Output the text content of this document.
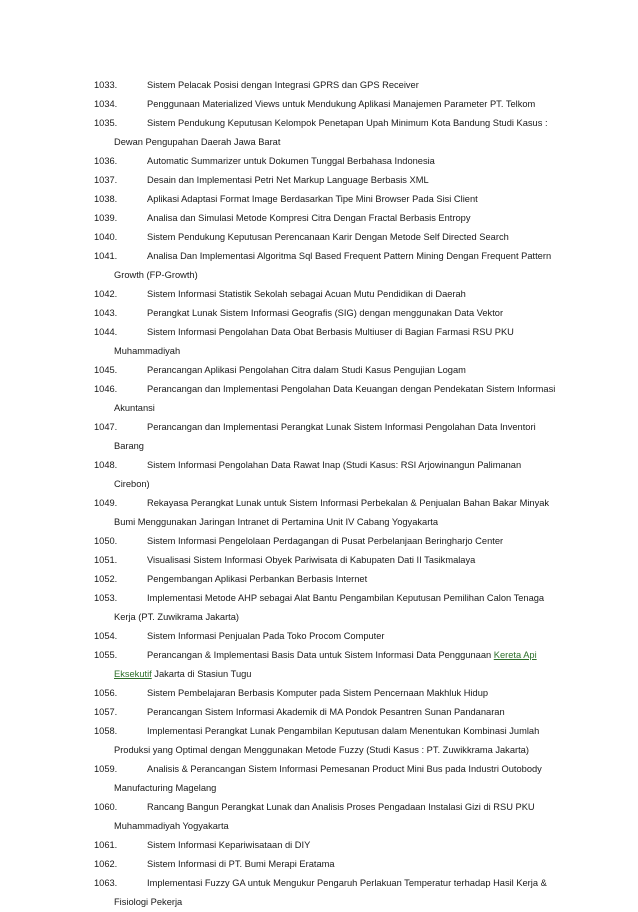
1033.	Sistem Pelacak Posisi dengan Integrasi GPRS dan GPS Receiver
1034.	Penggunaan Materialized Views untuk Mendukung Aplikasi Manajemen Parameter PT. Telkom
1035.	Sistem Pendukung Keputusan Kelompok Penetapan Upah Minimum Kota Bandung Studi Kasus :
Dewan Pengupahan Daerah Jawa Barat
1036.	Automatic Summarizer untuk Dokumen Tunggal Berbahasa Indonesia
1037.	Desain dan Implementasi Petri Net Markup Language Berbasis XML
1038.	Aplikasi Adaptasi Format Image Berdasarkan Tipe Mini Browser Pada Sisi Client
1039.	Analisa dan Simulasi Metode Kompresi Citra Dengan Fractal Berbasis Entropy
1040.	Sistem Pendukung Keputusan Perencanaan Karir Dengan Metode Self Directed Search
1041.	Analisa Dan Implementasi Algoritma Sql Based Frequent Pattern Mining Dengan Frequent Pattern
Growth (FP-Growth)
1042.	Sistem Informasi Statistik Sekolah sebagai Acuan Mutu Pendidikan di Daerah
1043.	Perangkat Lunak Sistem Informasi Geografis (SIG) dengan menggunakan Data Vektor
1044.	Sistem Informasi Pengolahan Data Obat Berbasis Multiuser di Bagian Farmasi RSU PKU
Muhammadiyah
1045.	Perancangan Aplikasi Pengolahan Citra dalam Studi Kasus Pengujian Logam
1046.	Perancangan dan Implementasi Pengolahan Data Keuangan dengan Pendekatan Sistem Informasi
Akuntansi
1047.	Perancangan dan Implementasi Perangkat Lunak Sistem Informasi Pengolahan Data Inventori
Barang
1048.	Sistem Informasi Pengolahan Data Rawat Inap (Studi Kasus: RSI Arjowinangun Palimanan
Cirebon)
1049.	Rekayasa Perangkat Lunak untuk Sistem Informasi Perbekalan & Penjualan Bahan Bakar Minyak
Bumi Menggunakan Jaringan Intranet di Pertamina Unit IV Cabang Yogyakarta
1050.	Sistem Informasi Pengelolaan Perdagangan di Pusat Perbelanjaan Beringharjo Center
1051.	Visualisasi Sistem Informasi Obyek Pariwisata di Kabupaten Dati II Tasikmalaya
1052.	Pengembangan Aplikasi Perbankan Berbasis Internet
1053.	Implementasi Metode AHP sebagai Alat Bantu Pengambilan Keputusan Pemilihan Calon Tenaga
Kerja (PT. Zuwikrama Jakarta)
1054.	Sistem Informasi Penjualan Pada Toko Procom Computer
1055.	Perancangan & Implementasi Basis Data untuk Sistem Informasi Data Penggunaan Kereta Api
Eksekutif Jakarta di Stasiun Tugu
1056.	Sistem Pembelajaran Berbasis Komputer pada Sistem Pencernaan Makhluk Hidup
1057.	Perancangan Sistem Informasi Akademik di MA Pondok Pesantren Sunan Pandanaran
1058.	Implementasi Perangkat Lunak Pengambilan Keputusan dalam Menentukan Kombinasi Jumlah
Produksi yang Optimal dengan Menggunakan Metode Fuzzy (Studi Kasus : PT. Zuwikkrama Jakarta)
1059.	Analisis & Perancangan Sistem Informasi Pemesanan Product Mini Bus pada Industri Outobody
Manufacturing Magelang
1060.	Rancang Bangun Perangkat Lunak dan Analisis Proses Pengadaan Instalasi Gizi di RSU PKU
Muhammadiyah Yogyakarta
1061.	Sistem Informasi Kepariwisataan di DIY
1062.	Sistem Informasi di PT. Bumi Merapi Eratama
1063.	Implementasi Fuzzy GA untuk Mengukur Pengaruh Perlakuan Temperatur terhadap Hasil Kerja &
Fisiologi Pekerja
